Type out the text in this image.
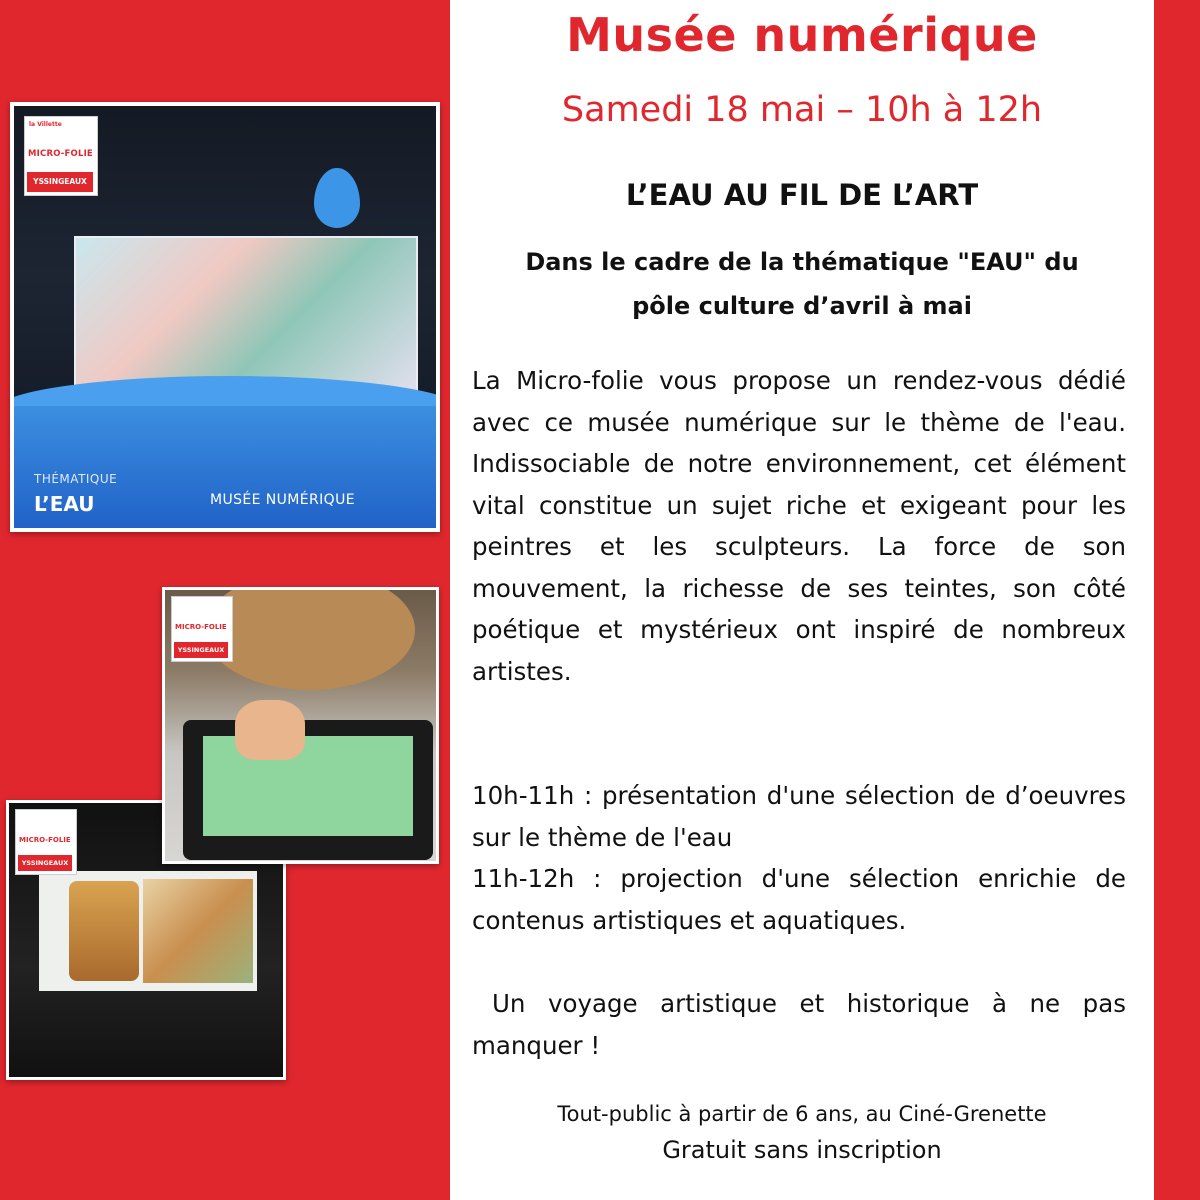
la Villette
MICRO-FOLIE
YSSINGEAUX
THÉMATIQUE
L’EAU	MUSÉE NUMÉRIQUE
MICRO-FOLIE
YSSINGEAUX
MICRO-FOLIE
YSSINGEAUX
Musée numérique
Samedi 18 mai – 10h à 12h
L’EAU AU FIL DE L’ART
Dans le cadre de la thématique "EAU" du
pôle culture d’avril à mai

La Micro-folie vous propose un rendez-vous dédié avec ce musée numérique sur le thème de l'eau. Indissociable de notre environnement, cet élément vital constitue un sujet riche et exigeant pour les peintres et les sculpteurs. La force de son mouvement, la richesse de ses teintes, son côté poétique et mystérieux ont inspiré de nombreux artistes.

10h-11h : présentation d'une sélection de d’oeuvres sur le thème de l'eau
11h-12h : projection d'une sélection enrichie de contenus artistiques et aquatiques.

Un voyage artistique et historique à ne pas manquer !

Tout-public à partir de 6 ans, au Ciné-Grenette
Gratuit sans inscription
